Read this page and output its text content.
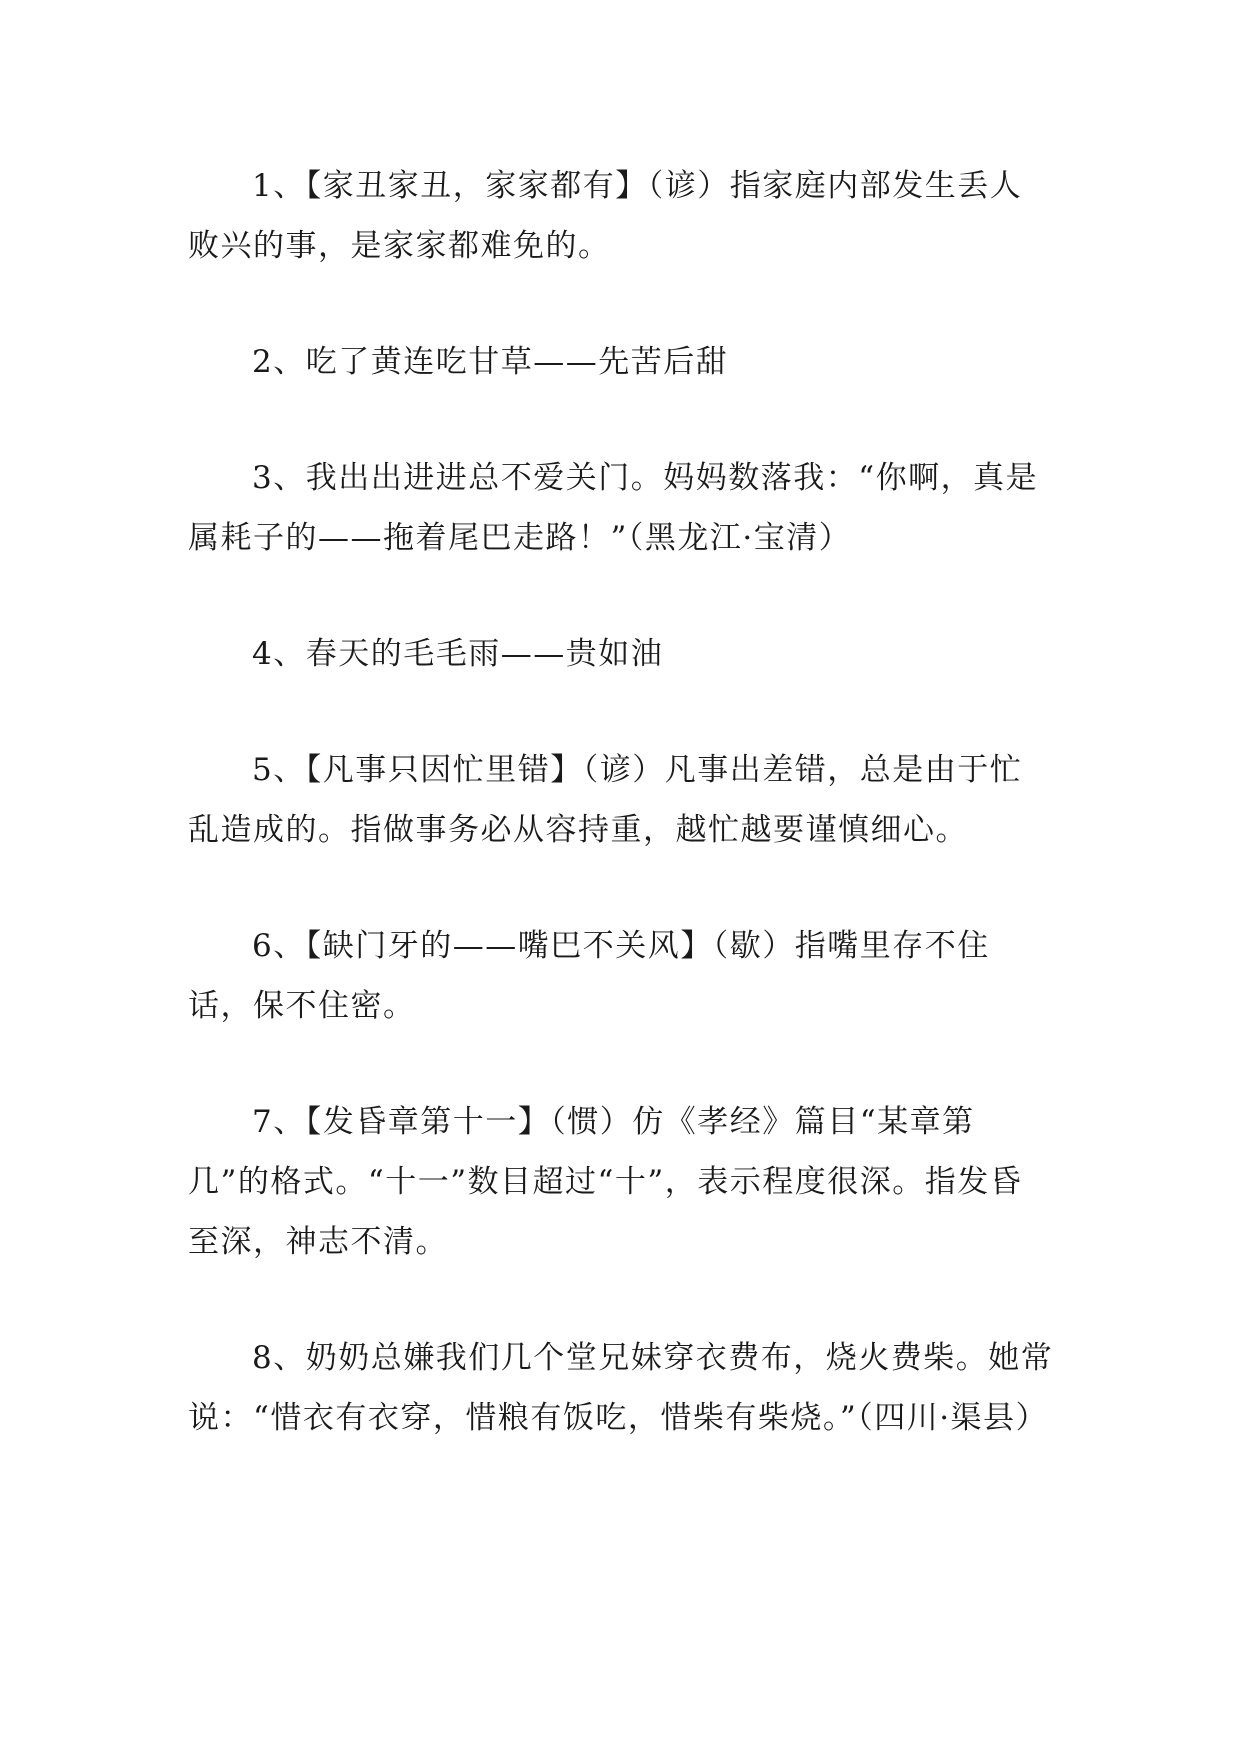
1、【家丑家丑，家家都有】（谚）指家庭内部发生丢人败兴的事，是家家都难免的。

2、吃了黄连吃甘草——先苦后甜

3、我出出进进总不爱关门。妈妈数落我：“你啊，真是属耗子的——拖着尾巴走路！”（黑龙江·宝清）

4、春天的毛毛雨——贵如油

5、【凡事只因忙里错】（谚）凡事出差错，总是由于忙乱造成的。指做事务必从容持重，越忙越要谨慎细心。

6、【缺门牙的——嘴巴不关风】（歇）指嘴里存不住话，保不住密。

7、【发昏章第十一】（惯）仿《孝经》篇目“某章第几”的格式。“十一”数目超过“十”，表示程度很深。指发昏至深，神志不清。

8、奶奶总嫌我们几个堂兄妹穿衣费布，烧火费柴。她常说：“惜衣有衣穿，惜粮有饭吃，惜柴有柴烧。”（四川·渠县）
